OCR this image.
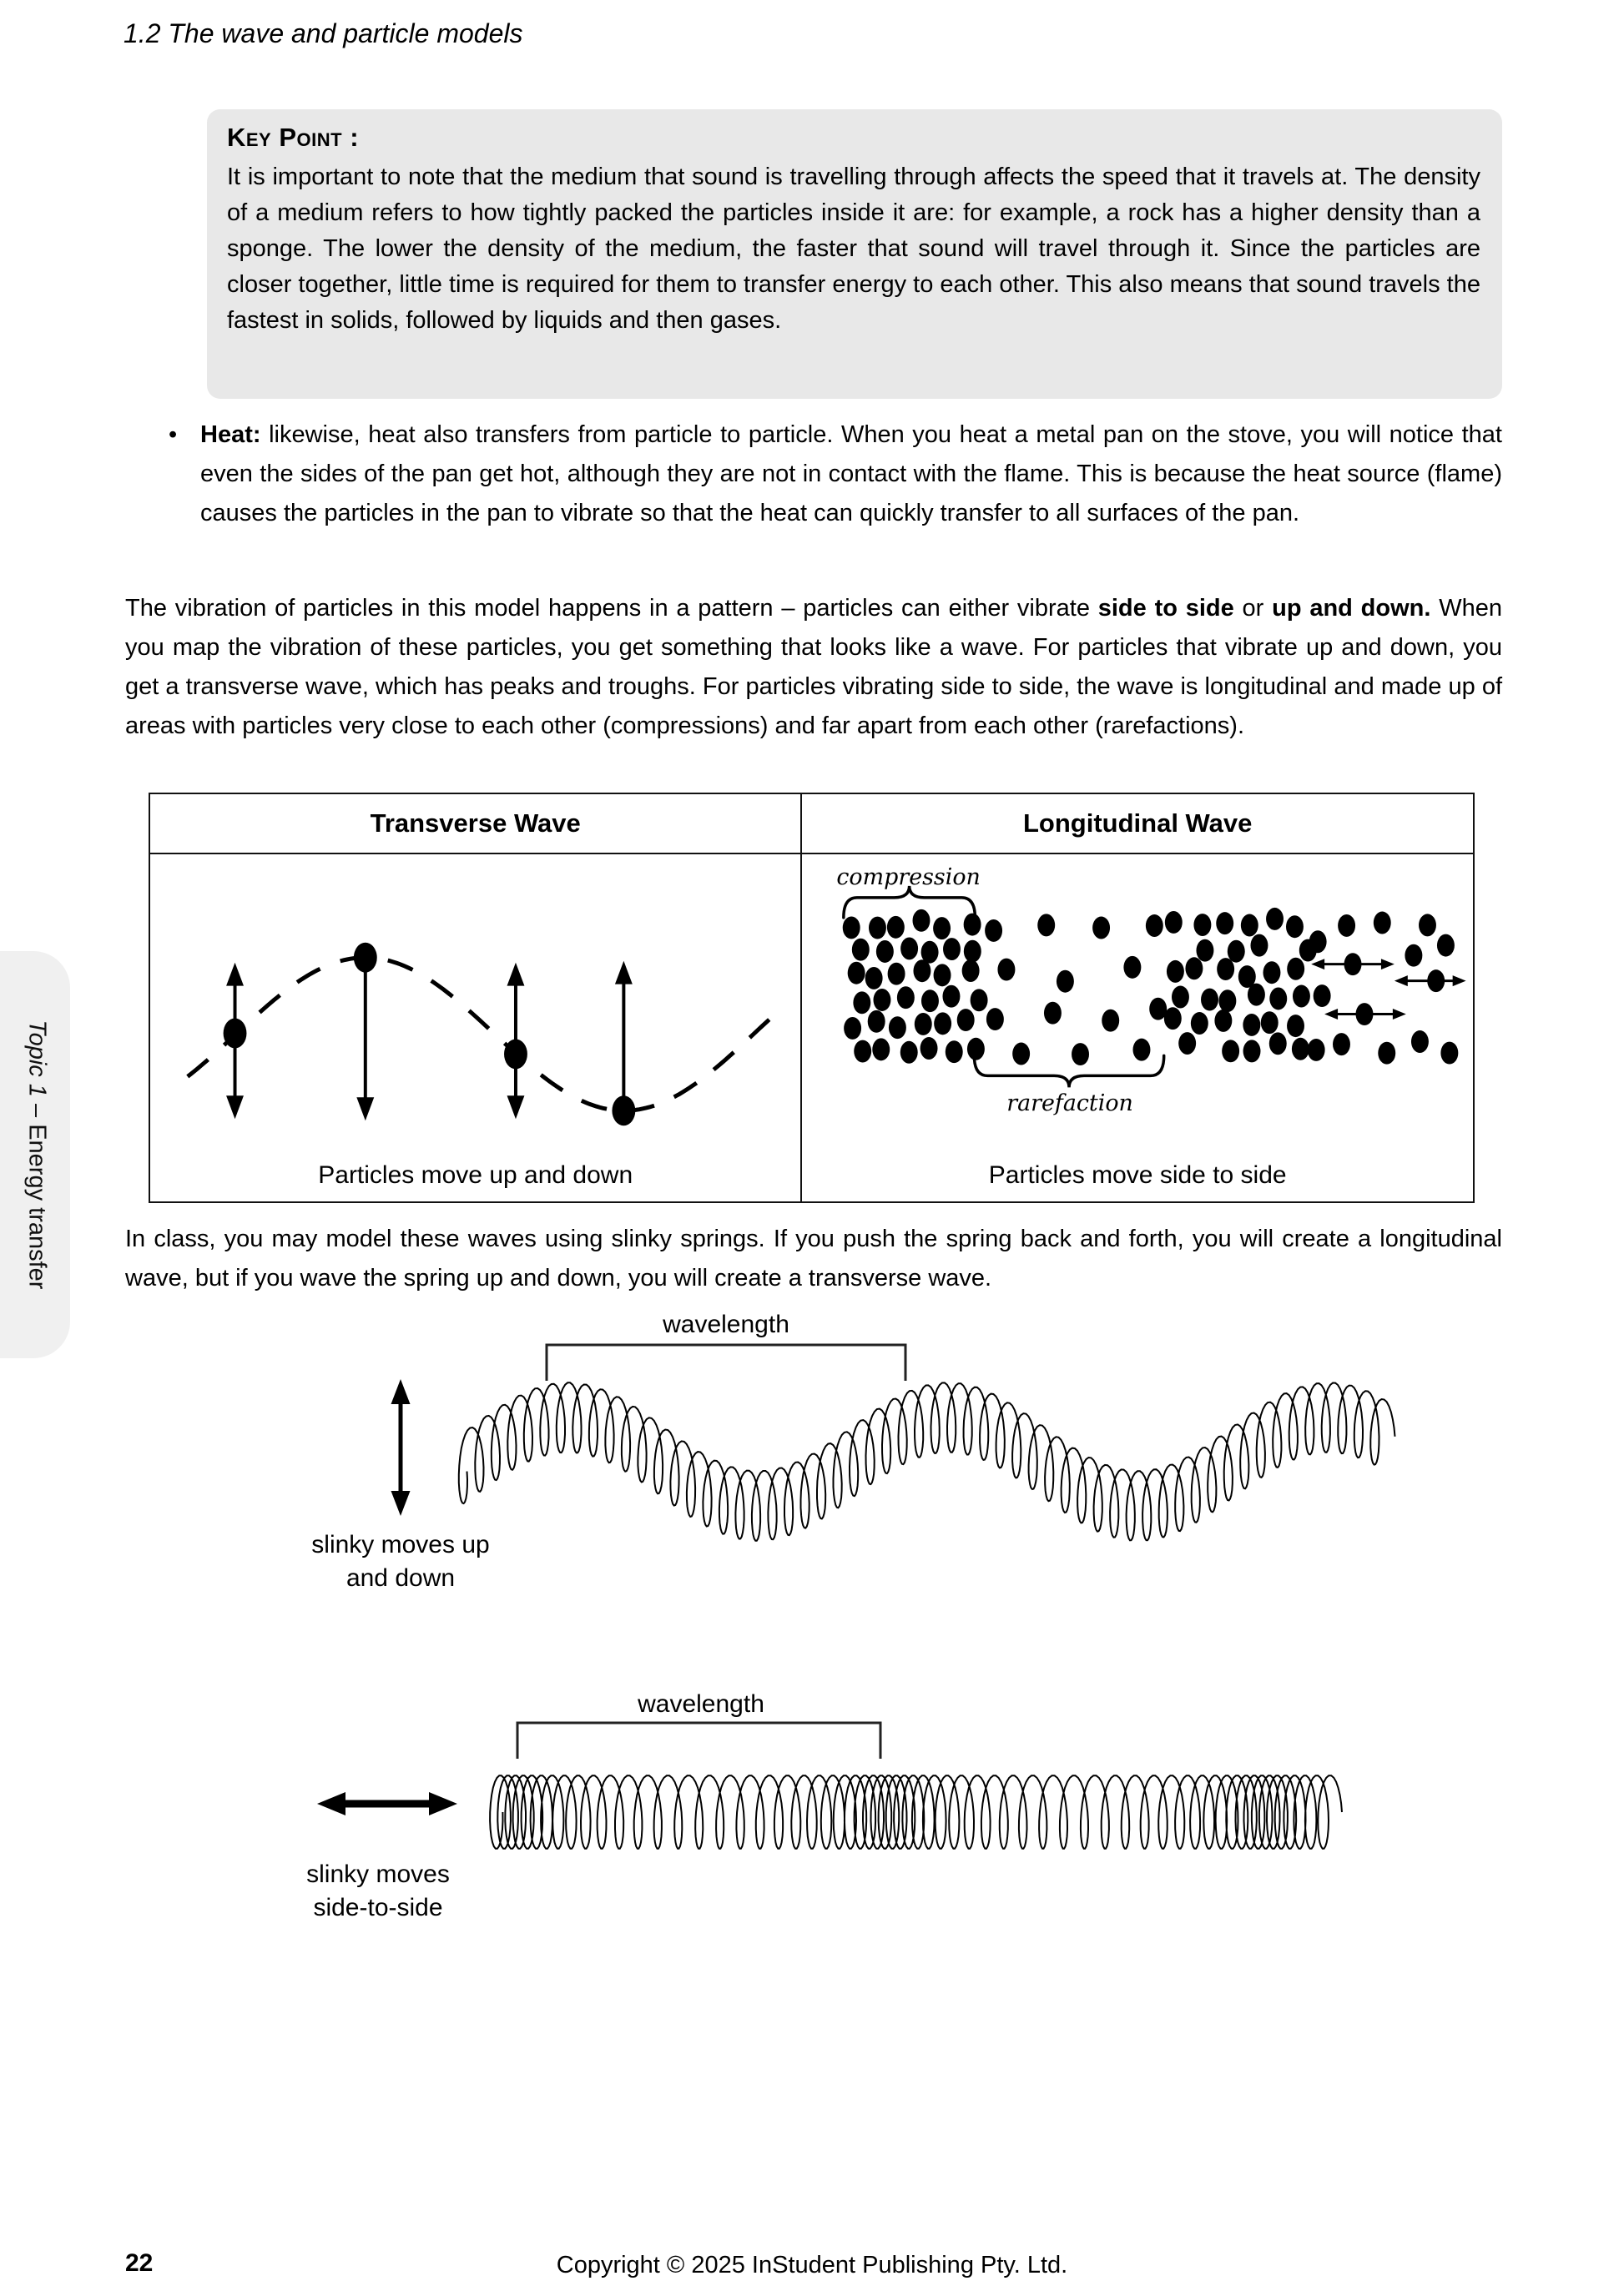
Topic 1 – Energy transfer
1.2 The wave and particle models
Key Point :
It is important to note that the medium that sound is travelling through affects the speed that it travels at. The density of a medium refers to how tightly packed the particles inside it are: for example, a rock has a higher density than a sponge. The lower the density of the medium, the faster that sound will travel through it. Since the particles are closer together, little time is required for them to transfer energy to each other. This also means that sound travels the fastest in solids, followed by liquids and then gases.
• Heat: likewise, heat also transfers from particle to particle. When you heat a metal pan on the stove, you will notice that even the sides of the pan get hot, although they are not in contact with the flame. This is because the heat source (flame) causes the particles in the pan to vibrate so that the heat can quickly transfer to all surfaces of the pan.
The vibration of particles in this model happens in a pattern – particles can either vibrate side to side or up and down. When you map the vibration of these particles, you get something that looks like a wave. For particles that vibrate up and down, you get a transverse wave, which has peaks and troughs. For particles vibrating side to side, the wave is longitudinal and made up of areas with particles very close to each other (compressions) and far apart from each other (rarefactions).
Transverse Wave	Longitudinal Wave
Particles move up and down
compression
rarefaction
Particles move side to side
In class, you may model these waves using slinky springs. If you push the spring back and forth, you will create a longitudinal wave, but if you wave the spring up and down, you will create a transverse wave.
wavelength
slinky moves up
and down
wavelength
slinky moves
side-to-side
22	Copyright © 2025 InStudent Publishing Pty. Ltd.
